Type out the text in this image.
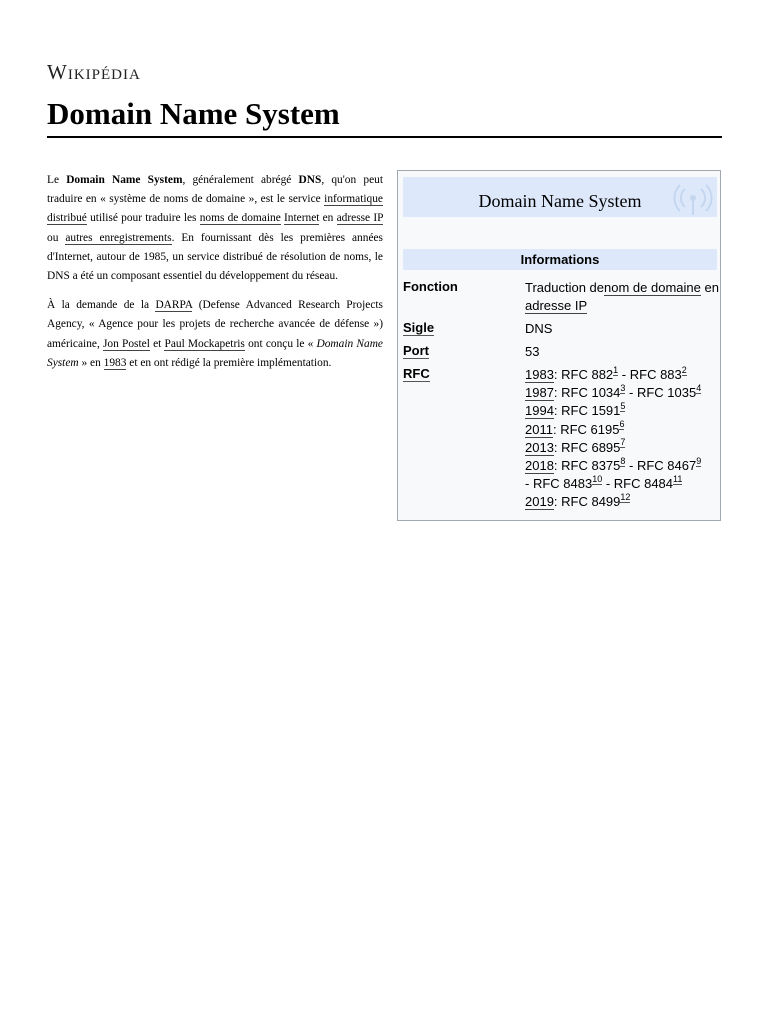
Wikipédia
Domain Name System

Le Domain Name System, généralement abrégé DNS, qu'on peut traduire en « système de noms de domaine », est le service informatique distribué utilisé pour traduire les noms de domaine Internet en adresse IP ou autres enregistrements. En fournissant dès les premières années d'Internet, autour de 1985, un service distribué de résolution de noms, le DNS a été un composant essentiel du développement du réseau.

À la demande de la DARPA (Defense Advanced Research Projects Agency, « Agence pour les projets de recherche avancée de défense ») américaine, Jon Postel et Paul Mockapetris ont conçu le « Domain Name System » en 1983 et en ont rédigé la première implémentation.

Domain Name System
Informations
Fonction	Traduction denom de domaine en adresse IP
Sigle	DNS
Port	53
RFC	1983: RFC $882^1$ - RFC $883^2$
1987: RFC 1034$^3$ - RFC 1035$^4$
1994: RFC 1591$^5$
2011: RFC 6195$^6$
2013: RFC 6895$^7$
2018: RFC 8375$^8$ - RFC 8467$^9$
- RFC 8483$^{10}$ - RFC 8484$^{11}$
2019: RFC 8499$^{12}$
